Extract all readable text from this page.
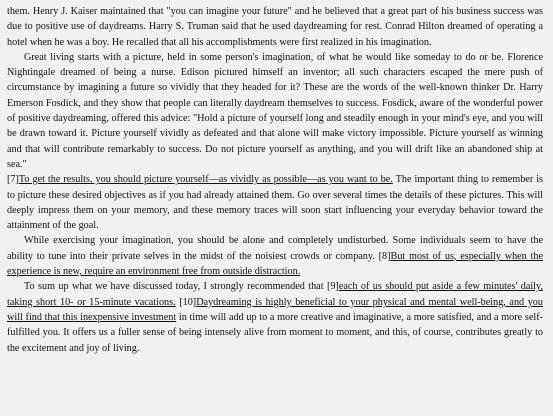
them. Henry J. Kaiser maintained that "you can imagine your future" and he believed that a great part of his business success was due to positive use of daydreams. Harry S. Truman said that he used daydreaming for rest. Conrad Hilton dreamed of operating a hotel when he was a boy. He recalled that all his accomplishments were first realized in his imagination.

Great living starts with a picture, held in some person's imagination, of what he would like someday to do or be. Florence Nightingale dreamed of being a nurse. Edison pictured himself an inventor; all such characters escaped the mere push of circumstance by imagining a future so vividly that they headed for it? These are the words of the well-known thinker Dr. Harry Emerson Fosdick, and they show that people can literally daydream themselves to success. Fosdick, aware of the wonderful power of positive daydreaming, offered this advice: "Hold a picture of yourself long and steadily enough in your mind's eye, and you will be drawn toward it. Picture yourself vividly as defeated and that alone will make victory impossible. Picture yourself as winning and that will contribute remarkably to success. Do not picture yourself as anything, and you will drift like an abandoned ship at sea."

[7]To get the results, you should picture yourself—as vividly as possible—as you want to be. The important thing to remember is to picture these desired objectives as if you had already attained them. Go over several times the details of these pictures. This will deeply impress them on your memory, and these memory traces will soon start influencing your everyday behavior toward the attainment of the goal.

While exercising your imagination, you should be alone and completely undisturbed. Some individuals seem to have the ability to tune into their private selves in the midst of the noisiest crowds or company. [8]But most of us, especially when the experience is new, require an environment free from outside distraction.

To sum up what we have discussed today, I strongly recommended that [9]each of us should put aside a few minutes' daily, taking short 10- or 15-minute vacations. [10]Daydreaming is highly beneficial to your physical and mental well-being, and you will find that this inexpensive investment in time will add up to a more creative and imaginative, a more satisfied, and a more self-fulfilled you. It offers us a fuller sense of being intensely alive from moment to moment, and this, of course, contributes greatly to the excitement and joy of living.
